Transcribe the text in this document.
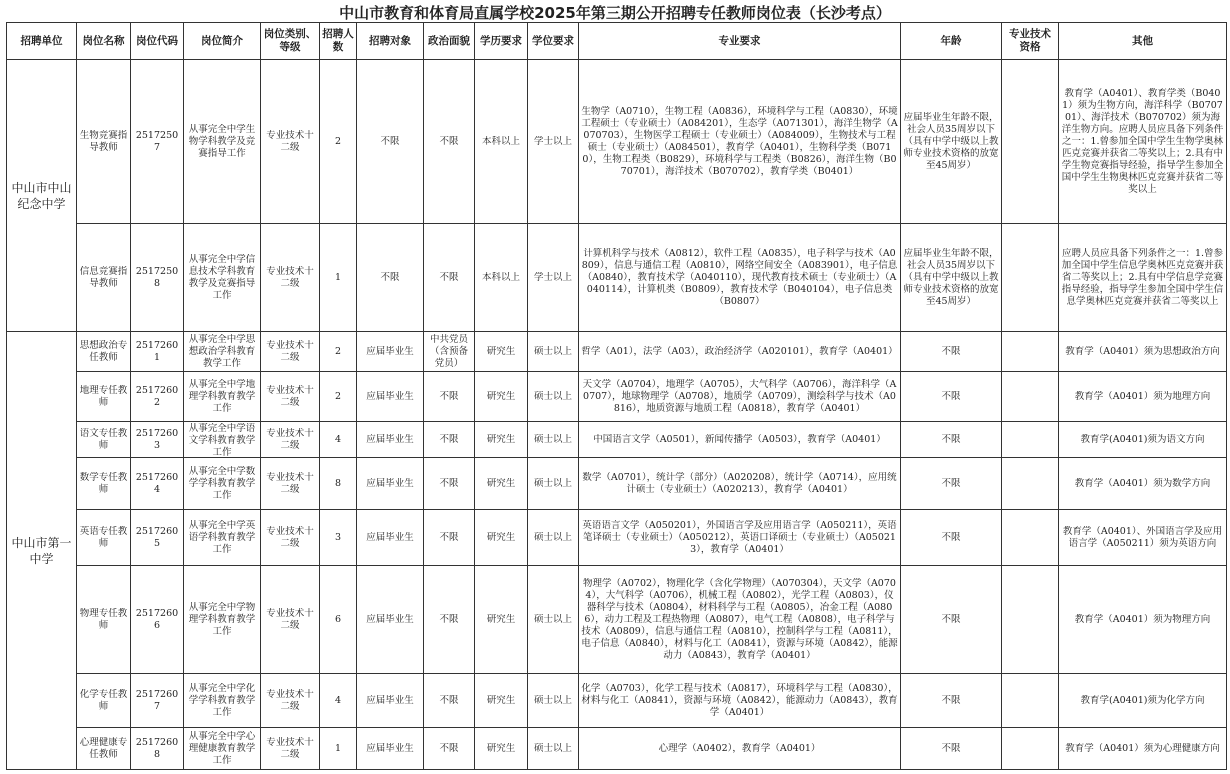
中山市教育和体育局直属学校2025年第三期公开招聘专任教师岗位表（长沙考点）
招聘单位	岗位名称	岗位代码	岗位简介	岗位类别、等级	招聘人数	招聘对象	政治面貌	学历要求	学位要求	专业要求	年龄	专业技术资格	其他
中山市中山纪念中学	生物竞赛指导教师	25172507	从事完全中学生物学科教学及竞赛指导工作	专业技术十二级	2	不限	不限	本科以上	学士以上	生物学（A0710），生物工程（A0836），环境科学与工程（A0830），环境工程硕士（专业硕士）（A084201），生态学（A071301），海洋生物学（A070703），生物医学工程硕士（专业硕士）（A084009），生物技术与工程硕士（专业硕士）（A084501），教育学（A0401），生物科学类（B0710），生物工程类（B0829），环境科学与工程类（B0826），海洋生物（B070701），海洋技术（B070702），教育学类（B0401）	应届毕业生年龄不限，社会人员35周岁以下（具有中学中级以上教师专业技术资格的放宽至45周岁）		教育学（A0401）、教育学类（B0401）须为生物方向，海洋科学（B070701）、海洋技术（B070702）须为海洋生物方向。应聘人员应具备下列条件之一：1.曾参加全国中学生生物学奥林匹克竞赛并获省二等奖以上；2.具有中学生物竞赛指导经验，指导学生参加全国中学生生物奥林匹克竞赛并获省二等奖以上

	信息竞赛指导教师	25172508	从事完全中学信息技术学科教育教学及竞赛指导工作	专业技术十二级	1	不限	不限	本科以上	学士以上	计算机科学与技术（A0812），软件工程（A0835），电子科学与技术（A0809），信息与通信工程（A0810），网络空间安全（A083901），电子信息（A0840），教育技术学（A040110），现代教育技术硕士（专业硕士）（A040114），计算机类（B0809），教育技术学（B040104），电子信息类（B0807）	应届毕业生年龄不限，社会人员35周岁以下（具有中学中级以上教师专业技术资格的放宽至45周岁）		应聘人员应具备下列条件之一：1.曾参加全国中学生信息学奥林匹克竞赛并获省二等奖以上；2.具有中学信息学竞赛指导经验，指导学生参加全国中学生信息学奥林匹克竞赛并获省二等奖以上

中山市第一中学	思想政治专任教师	25172601	从事完全中学思想政治学科教育教学工作	专业技术十二级	2	应届毕业生	中共党员（含预备党员）	研究生	硕士以上	哲学（A01），法学（A03），政治经济学（A020101），教育学（A0401）	不限		教育学（A0401）须为思想政治方向

	地理专任教师	25172602	从事完全中学地理学科教育教学工作	专业技术十二级	2	应届毕业生	不限	研究生	硕士以上	天文学（A0704），地理学（A0705），大气科学（A0706），海洋科学（A0707），地球物理学（A0708），地质学（A0709），测绘科学与技术（A0816），地质资源与地质工程（A0818），教育学（A0401）	不限		教育学（A0401）须为地理方向

	语文专任教师	25172603	从事完全中学语文学科教育教学工作	专业技术十二级	4	应届毕业生	不限	研究生	硕士以上	中国语言文学（A0501），新闻传播学（A0503），教育学（A0401）	不限		教育学(A0401)须为语文方向

	数学专任教师	25172604	从事完全中学数学学科教育教学工作	专业技术十二级	8	应届毕业生	不限	研究生	硕士以上	数学（A0701），统计学（部分）（A020208），统计学（A0714），应用统计硕士（专业硕士）（A020213），教育学（A0401）	不限		教育学（A0401）须为数学方向

	英语专任教师	25172605	从事完全中学英语学科教育教学工作	专业技术十二级	3	应届毕业生	不限	研究生	硕士以上	英语语言文学（A050201），外国语言学及应用语言学（A050211），英语笔译硕士（专业硕士）（A050212），英语口译硕士（专业硕士）（A050213），教育学（A0401）	不限		教育学（A0401）、外国语言学及应用语言学（A050211）须为英语方向

	物理专任教师	25172606	从事完全中学物理学科教育教学工作	专业技术十二级	6	应届毕业生	不限	研究生	硕士以上	物理学（A0702），物理化学（含化学物理）（A070304），天文学（A0704），大气科学（A0706），机械工程（A0802），光学工程（A0803），仪器科学与技术（A0804），材料科学与工程（A0805），冶金工程（A0806），动力工程及工程热物理（A0807），电气工程（A0808），电子科学与技术（A0809），信息与通信工程（A0810），控制科学与工程（A0811），电子信息（A0840），材料与化工（A0841），资源与环境（A0842），能源动力（A0843），教育学（A0401）	不限		教育学（A0401）须为物理方向

	化学专任教师	25172607	从事完全中学化学学科教育教学工作	专业技术十二级	4	应届毕业生	不限	研究生	硕士以上	化学（A0703），化学工程与技术（A0817），环境科学与工程（A0830），材料与化工（A0841），资源与环境（A0842），能源动力（A0843），教育学（A0401）	不限		教育学(A0401)须为化学方向

	心理健康专任教师	25172608	从事完全中学心理健康教育教学工作	专业技术十二级	1	应届毕业生	不限	研究生	硕士以上	心理学（A0402），教育学（A0401）	不限		教育学（A0401）须为心理健康方向
